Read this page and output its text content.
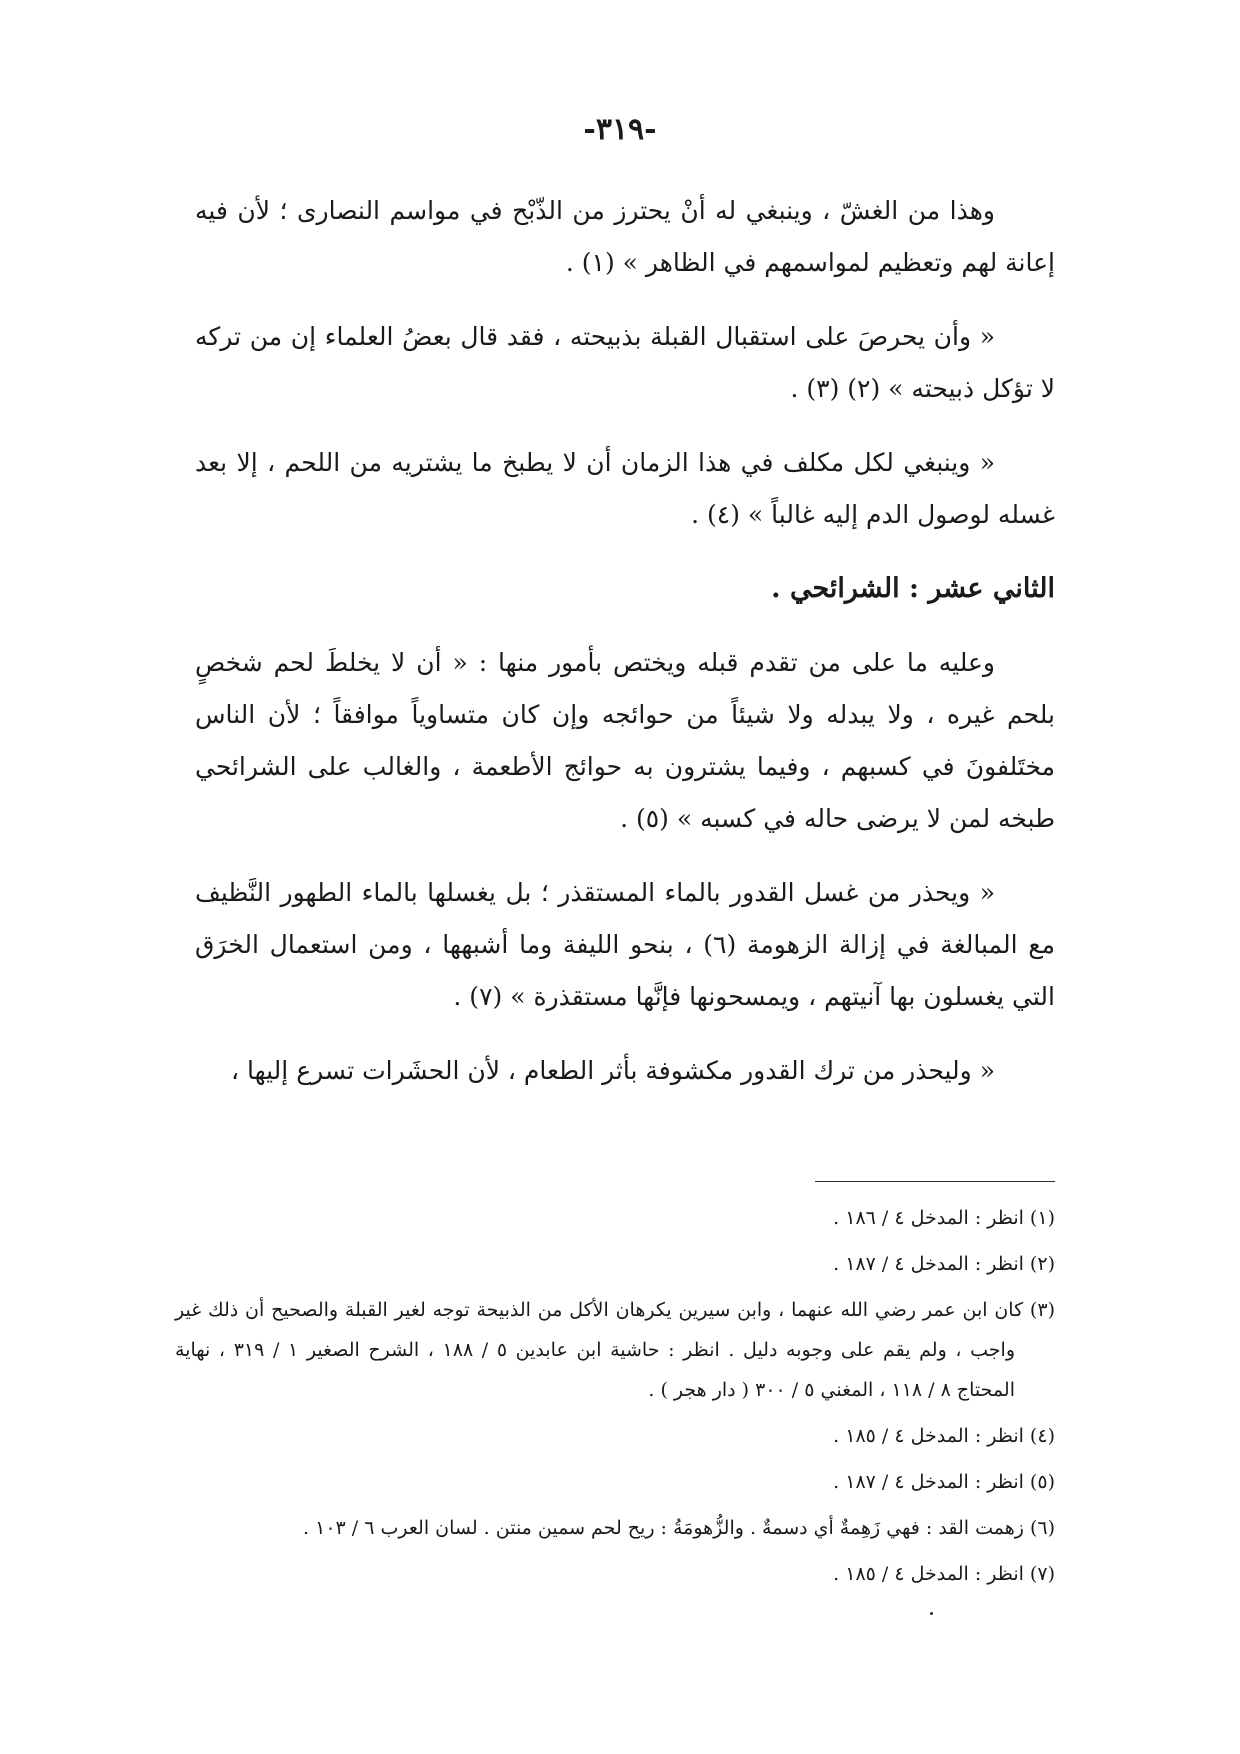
-٣١٩-

وهذا من الغشّ ، وينبغي له أنْ يحترز من الذّبْح في مواسم النصارى ؛ لأن فيه إعانة لهم وتعظيم لمواسمهم في الظاهر » (١) .

« وأن يحرصَ على استقبال القبلة بذبيحته ، فقد قال بعضُ العلماء إن من تركه لا تؤكل ذبيحته » (٢) (٣) .

« وينبغي لكل مكلف في هذا الزمان أن لا يطبخ ما يشتريه من اللحم ، إلا بعد غسله لوصول الدم إليه غالباً » (٤) .

الثاني عشر : الشرائحي .

وعليه ما على من تقدم قبله ويختص بأمور منها : « أن لا يخلطَ لحم شخصٍ بلحم غيره ، ولا يبدله ولا شيئاً من حوائجه وإن كان متساوياً موافقاً ؛ لأن الناس مختَلفونَ في كسبهم ، وفيما يشترون به حوائج الأطعمة ، والغالب على الشرائحي طبخه لمن لا يرضى حاله في كسبه » (٥) .

« ويحذر من غسل القدور بالماء المستقذر ؛ بل يغسلها بالماء الطهور النَّظيف مع المبالغة في إزالة الزهومة (٦) ، بنحو الليفة وما أشبهها ، ومن استعمال الخرَق التي يغسلون بها آنيتهم ، ويمسحونها فإنَّها مستقذرة » (٧) .

« وليحذر من ترك القدور مكشوفة بأثر الطعام ، لأن الحشَرات تسرع إليها ،

(١) انظر : المدخل ٤ / ١٨٦ .
(٢) انظر : المدخل ٤ / ١٨٧ .
(٣) كان ابن عمر رضي الله عنهما ، وابن سيرين يكرهان الأكل من الذبيحة توجه لغير القبلة والصحيح أن ذلك غير واجب ، ولم يقم على وجوبه دليل . انظر : حاشية ابن عابدين ٥ / ١٨٨ ، الشرح الصغير ١ / ٣١٩ ، نهاية المحتاج ٨ / ١١٨ ، المغني ٥ / ٣٠٠ ( دار هجر ) .
(٤) انظر : المدخل ٤ / ١٨٥ .
(٥) انظر : المدخل ٤ / ١٨٧ .
(٦) زهمت القد : فهي زَهِمةٌ أي دسمةٌ . والزُّهومَةُ : ريح لحم سمين منتن . لسان العرب ٦ / ١٠٣ .
(٧) انظر : المدخل ٤ / ١٨٥ .
